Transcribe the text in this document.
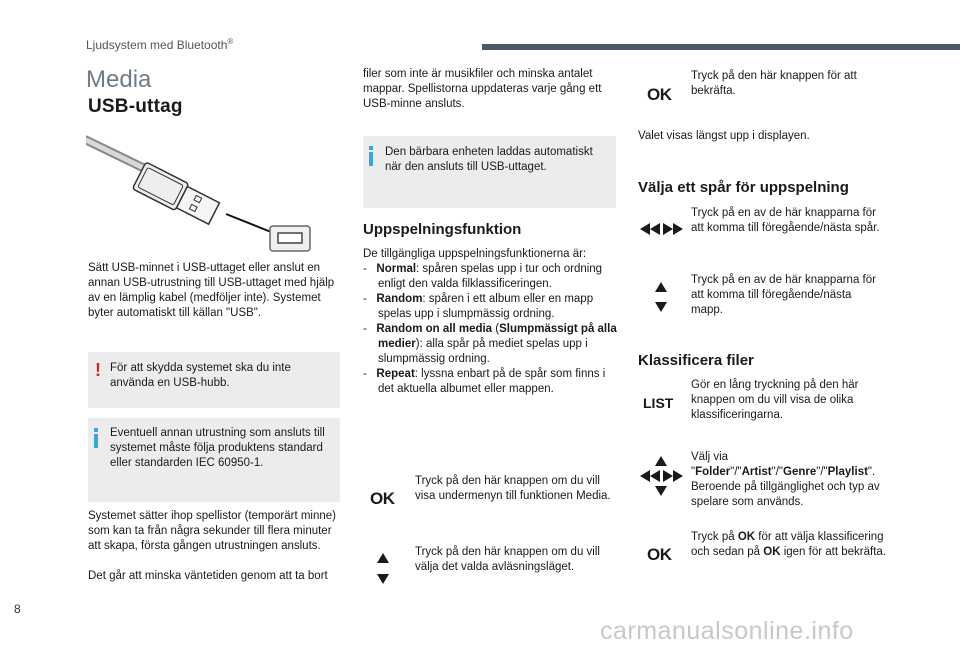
Ljudsystem med Bluetooth®
Media
USB-uttag
Sätt USB-minnet i USB-uttaget eller anslut en annan USB-utrustning till USB-uttaget med hjälp av en lämplig kabel (medföljer inte). Systemet byter automatiskt till källan "USB".
! För att skydda systemet ska du inte använda en USB-hubb.
Eventuell annan utrustning som ansluts till systemet måste följa produktens standard eller standarden IEC 60950-1.
Systemet sätter ihop spellistor (temporärt minne) som kan ta från några sekunder till flera minuter att skapa, första gången utrustningen ansluts.
Det går att minska väntetiden genom att ta bort
filer som inte är musikfiler och minska antalet mappar. Spellistorna uppdateras varje gång ett USB-minne ansluts.
Den bärbara enheten laddas automatiskt när den ansluts till USB-uttaget.
Uppspelningsfunktion
De tillgängliga uppspelningsfunktionerna är:
-   Normal: spåren spelas upp i tur och ordning enligt den valda filklassificeringen.
-   Random: spåren i ett album eller en mapp spelas upp i slumpmässig ordning.
-   Random on all media (Slumpmässigt på alla medier): alla spår på mediet spelas upp i slumpmässig ordning.
-   Repeat: lyssna enbart på de spår som finns i det aktuella albumet eller mappen.
OK
Tryck på den här knappen om du vill visa undermenyn till funktionen Media.
Tryck på den här knappen om du vill välja det valda avläsningsläget.
OK
Tryck på den här knappen för att bekräfta.
Valet visas längst upp i displayen.
Välja ett spår för uppspelning
Tryck på en av de här knapparna för att komma till föregående/nästa spår.
Tryck på en av de här knapparna för att komma till föregående/nästa mapp.
Klassificera filer
LIST
Gör en lång tryckning på den här knappen om du vill visa de olika klassificeringarna.
Välj via
"Folder"/"Artist"/"Genre"/"Playlist".
Beroende på tillgänglighet och typ av spelare som används.
OK
Tryck på OK för att välja klassificering och sedan på OK igen för att bekräfta.
8
carmanualsonline.info
